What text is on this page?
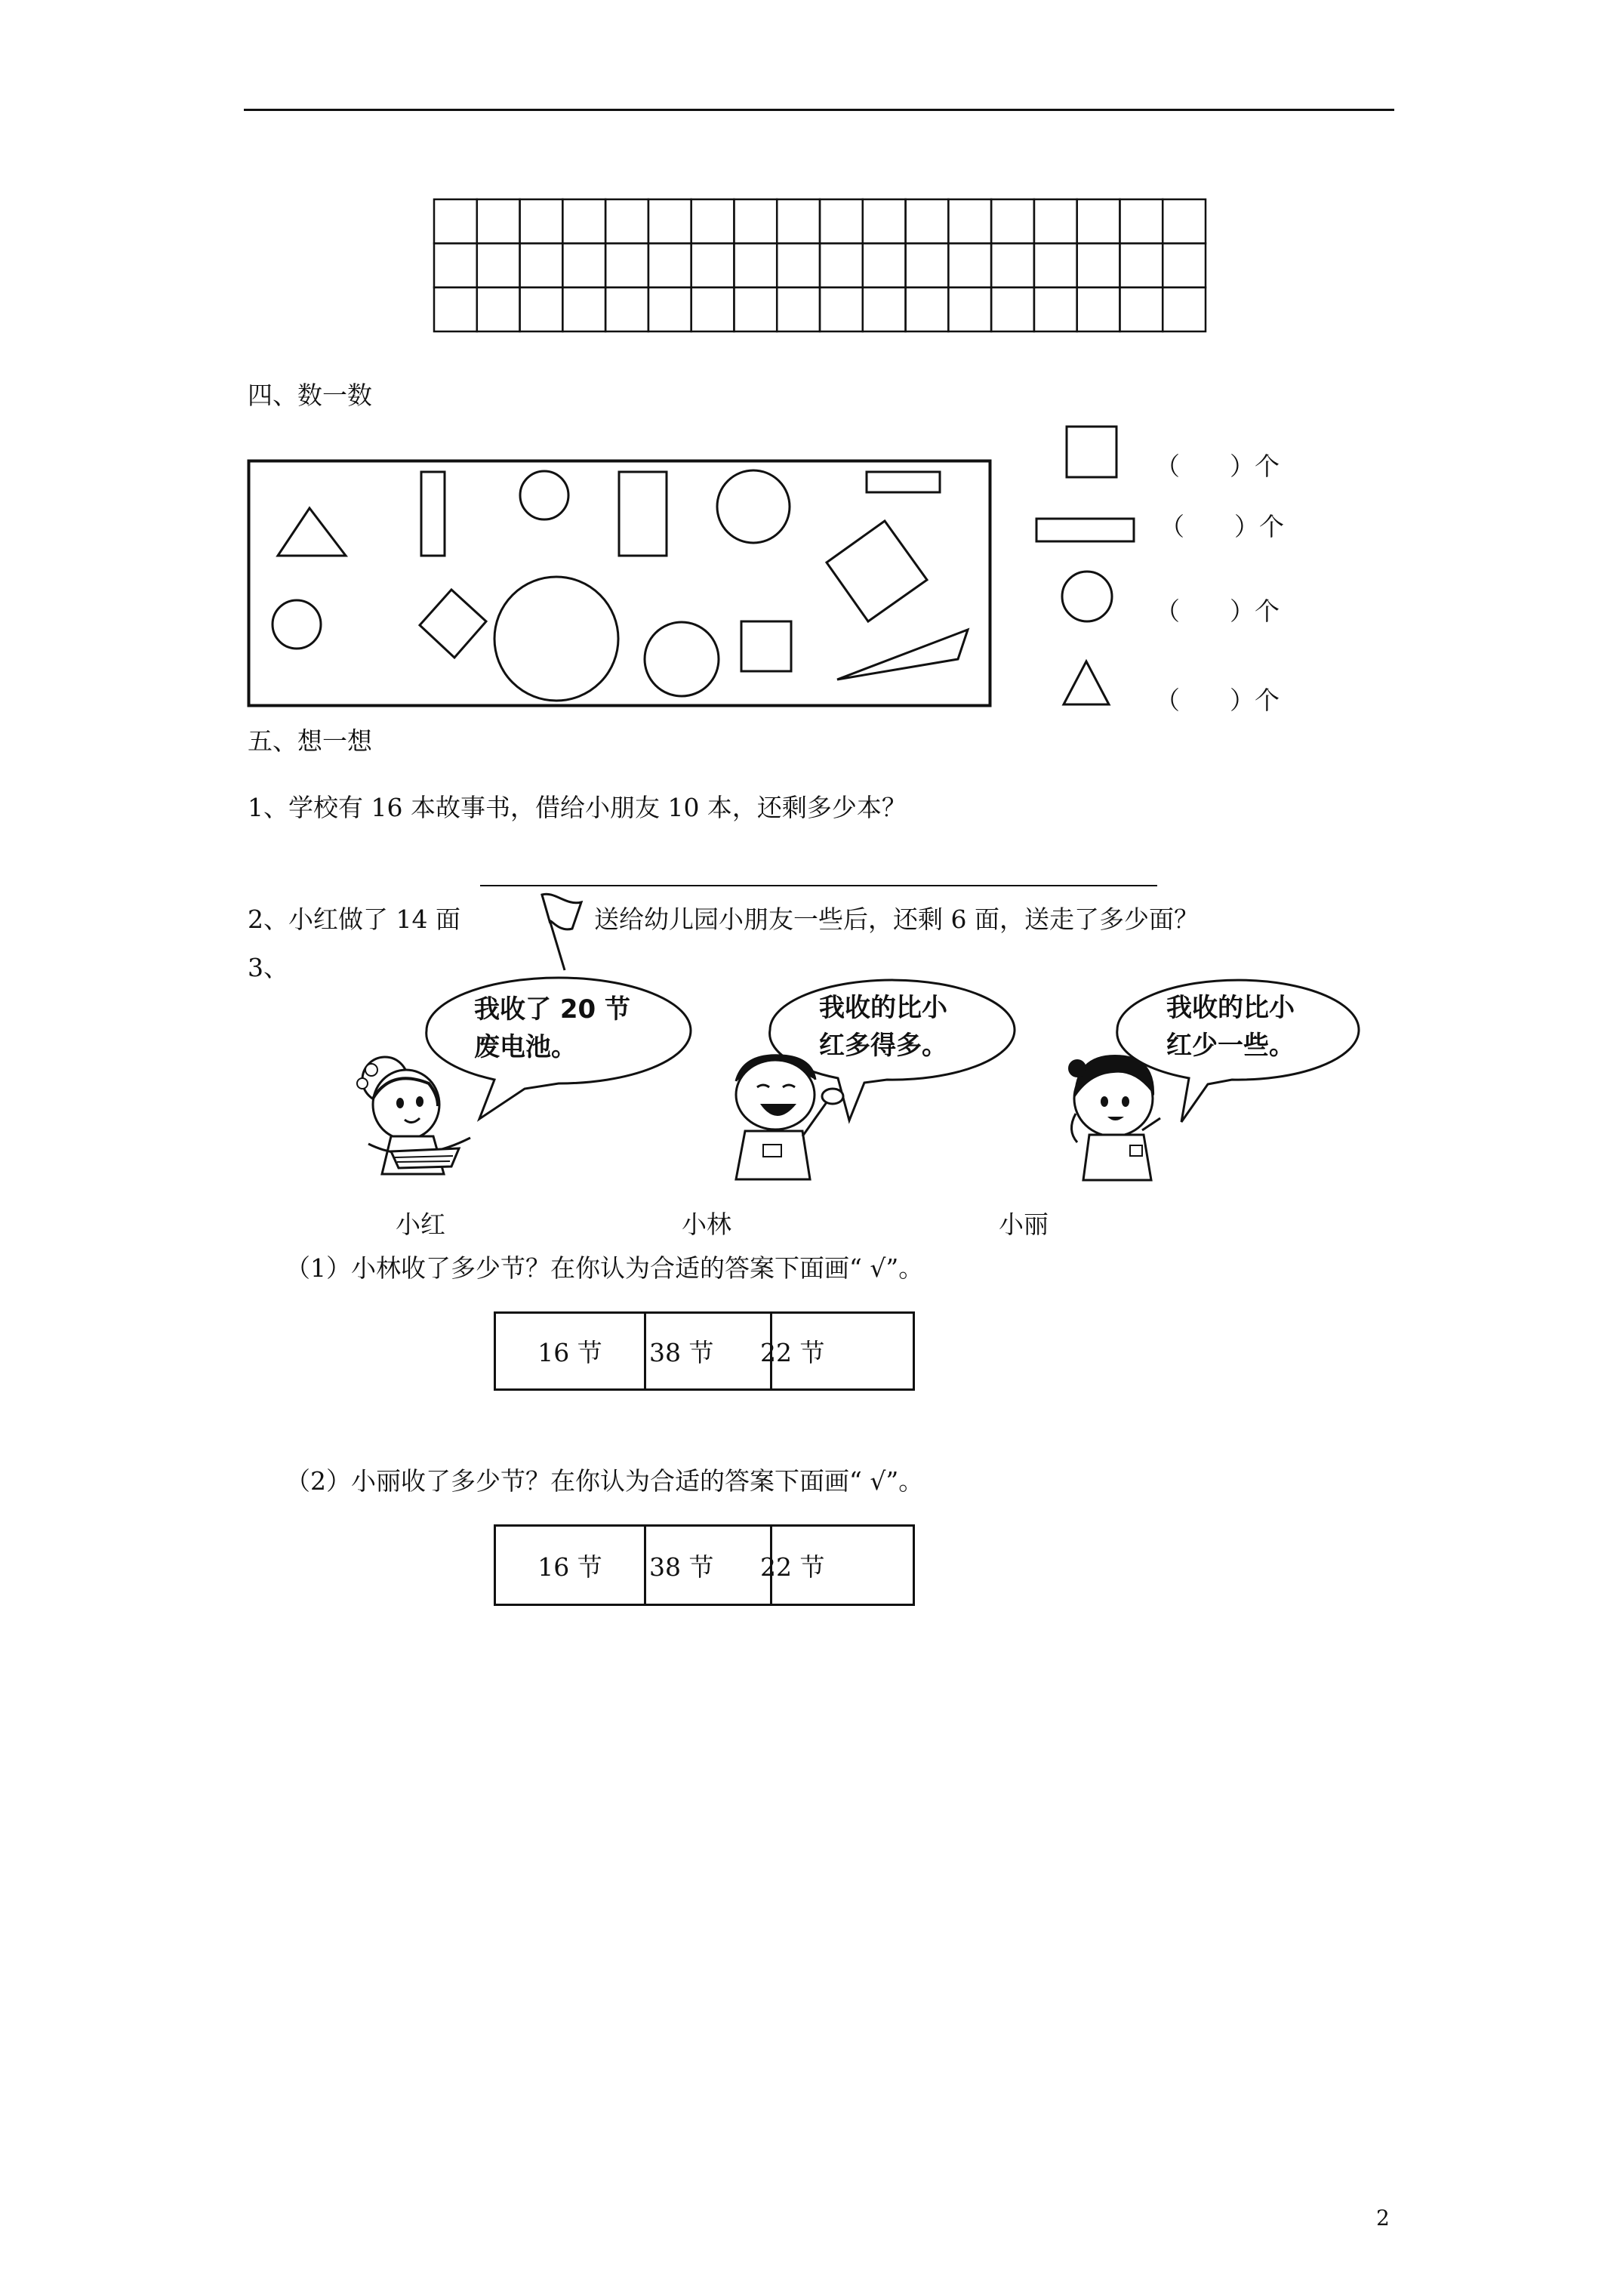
四、数一数
（　　）个
（　　）个
（　　）个
（　　）个
五、想一想
1、学校有 16 本故事书，借给小朋友 10 本，还剩多少本？
2、小红做了 14 面	送给幼儿园小朋友一些后，还剩 6 面，送走了多少面？
3、
我收了 20 节废电池。
我收的比小红多得多。
我收的比小红少一些。
小红	小林	小丽
（1）小林收了多少节？在你认为合适的答案下面画“ √”。
16 节 38 节 22 节
（2）小丽收了多少节？在你认为合适的答案下面画“ √”。
16 节 38 节 22 节
2
